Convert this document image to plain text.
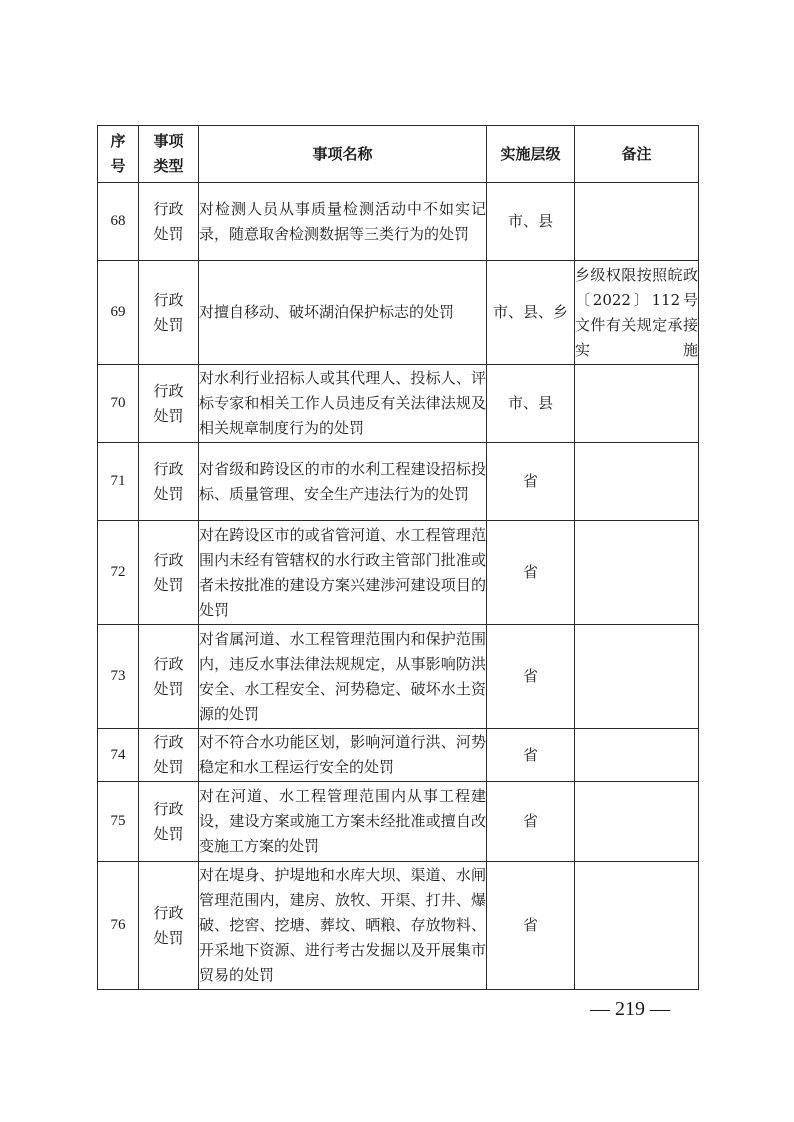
序号	事项类型	事项名称	实施层级	备注
68	行政处罚	对检测人员从事质量检测活动中不如实记录，随意取舍检测数据等三类行为的处罚	市、县	
69	行政处罚	对擅自移动、破坏湖泊保护标志的处罚	市、县、乡	乡级权限按照皖政〔2022〕112号文件有关规定承接实施
70	行政处罚	对水利行业招标人或其代理人、投标人、评标专家和相关工作人员违反有关法律法规及相关规章制度行为的处罚	市、县	
71	行政处罚	对省级和跨设区的市的水利工程建设招标投标、质量管理、安全生产违法行为的处罚	省	
72	行政处罚	对在跨设区市的或省管河道、水工程管理范围内未经有管辖权的水行政主管部门批准或者未按批准的建设方案兴建涉河建设项目的处罚	省	
73	行政处罚	对省属河道、水工程管理范围内和保护范围内，违反水事法律法规规定，从事影响防洪安全、水工程安全、河势稳定、破坏水土资源的处罚	省	
74	行政处罚	对不符合水功能区划，影响河道行洪、河势稳定和水工程运行安全的处罚	省	
75	行政处罚	对在河道、水工程管理范围内从事工程建设，建设方案或施工方案未经批准或擅自改变施工方案的处罚	省	
76	行政处罚	对在堤身、护堤地和水库大坝、渠道、水闸管理范围内，建房、放牧、开渠、打井、爆破、挖窖、挖塘、葬坟、晒粮、存放物料、开采地下资源、进行考古发掘以及开展集市贸易的处罚	省	
— 219 —
